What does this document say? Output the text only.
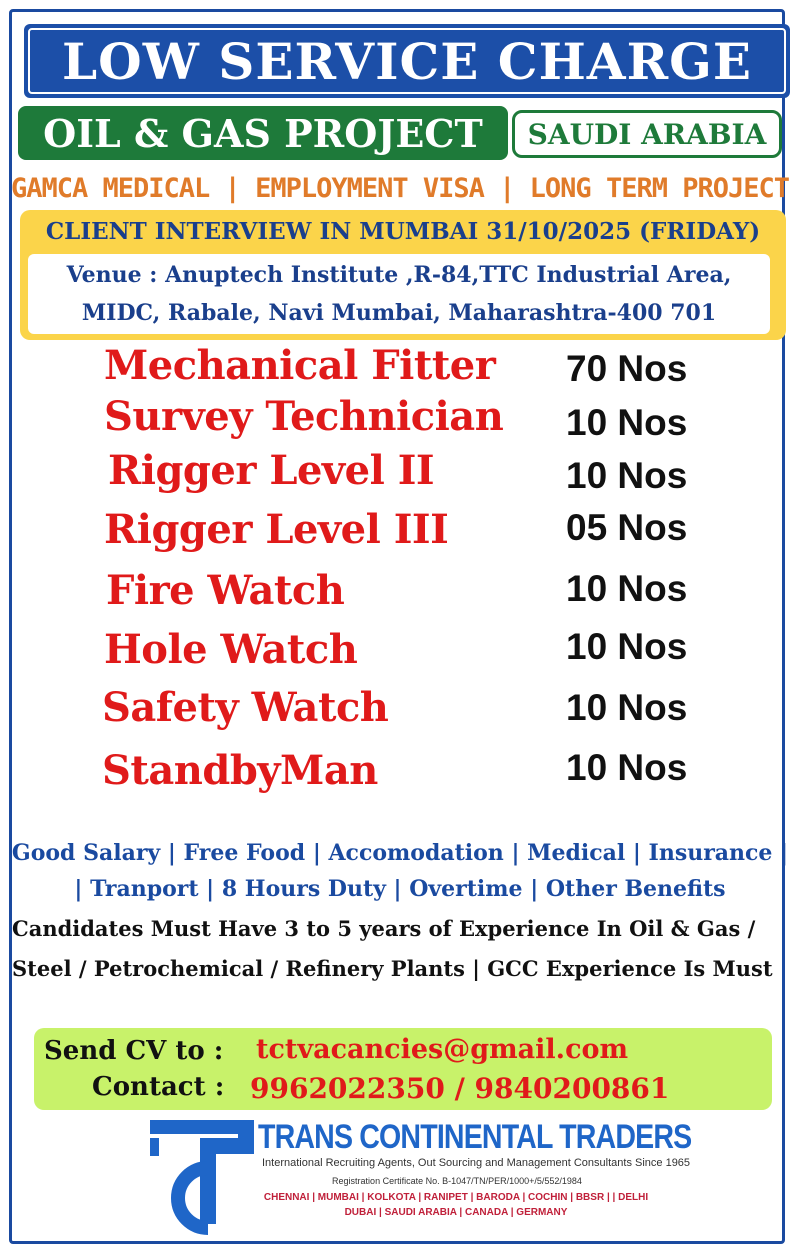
LOW SERVICE CHARGE
OIL & GAS PROJECT SAUDI ARABIA
GAMCA MEDICAL | EMPLOYMENT VISA | LONG TERM PROJECT
CLIENT INTERVIEW IN MUMBAI 31/10/2025 (FRIDAY)
Venue : Anuptech Institute ,R-84,TTC Industrial Area,
MIDC, Rabale, Navi Mumbai, Maharashtra-400 701
Mechanical Fitter 70 Nos
Survey Technician 10 Nos
Rigger Level II	10 Nos
Rigger Level III	05 Nos
Fire Watch	10 Nos
Hole Watch	10 Nos
Safety Watch	10 Nos
StandbyMan	10 Nos
Good Salary | Free Food | Accomodation | Medical | Insurance |
| Tranport | 8 Hours Duty | Overtime | Other Benefits
Candidates Must Have 3 to 5 years of Experience In Oil & Gas /
Steel / Petrochemical / Refinery Plants | GCC Experience Is Must
Send CV to : tctvacancies@gmail.com
Contact : 9962022350 / 9840200861
TRANS CONTINENTAL TRADERS
International Recruiting Agents, Out Sourcing and Management Consultants Since 1965
Registration Certificate No. B-1047/TN/PER/1000+/5/552/1984
CHENNAI | MUMBAI | KOLKOTA | RANIPET | BARODA | COCHIN | BBSR | | DELHI
DUBAI | SAUDI ARABIA | CANADA | GERMANY
